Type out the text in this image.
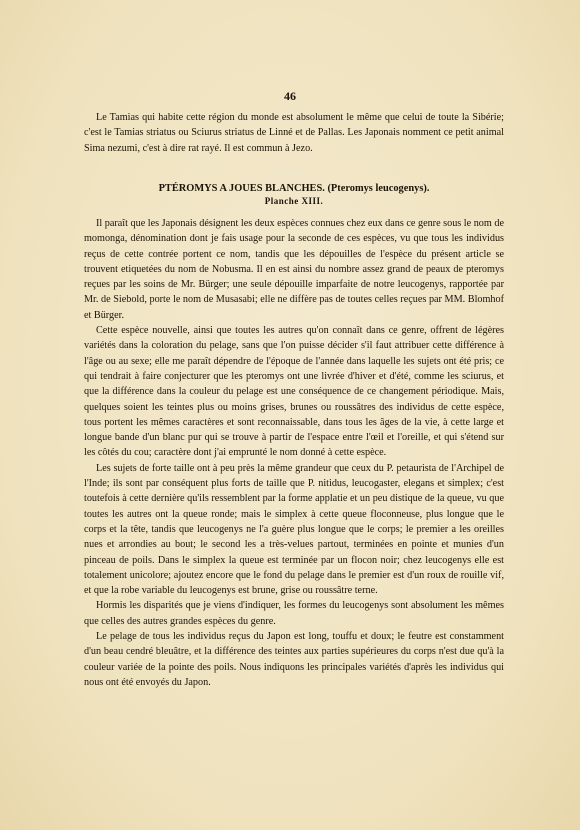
46

Le Tamias qui habite cette région du monde est absolument le même que celui de toute la Sibérie; c'est le Tamias striatus ou Sciurus striatus de Linné et de Pallas. Les Japonais nomment ce petit animal Sima nezumi, c'est à dire rat rayé. Il est commun à Jezo.

PTÉROMYS A JOUES BLANCHES. (Pteromys leucogenys).
Planche XIII.

Il paraît que les Japonais désignent les deux espèces connues chez eux dans ce genre sous le nom de momonga, dénomination dont je fais usage pour la seconde de ces espèces, vu que tous les individus reçus de cette contrée portent ce nom, tandis que les dépouilles de l'espèce du présent article se trouvent etiquetées du nom de Nobusma. Il en est ainsi du nombre assez grand de peaux de pteromys reçues par les soins de Mr. Bürger; une seule dépouille imparfaite de notre leucogenys, rapportée par Mr. de Siebold, porte le nom de Musasabi; elle ne diffère pas de toutes celles reçues par MM. Blomhof et Bürger.

Cette espèce nouvelle, ainsi que toutes les autres qu'on connaît dans ce genre, offrent de légères variétés dans la coloration du pelage, sans que l'on puisse décider s'il faut attribuer cette différence à l'âge ou au sexe; elle me paraît dépendre de l'époque de l'année dans laquelle les sujets ont été pris; ce qui tendrait à faire conjecturer que les pteromys ont une livrée d'hiver et d'été, comme les sciurus, et que la différence dans la couleur du pelage est une conséquence de ce changement périodique. Mais, quelques soient les teintes plus ou moins grises, brunes ou roussâtres des individus de cette espèce, tous portent les mêmes caractères et sont reconnaissable, dans tous les âges de la vie, à cette large et longue bande d'un blanc pur qui se trouve à partir de l'espace entre l'œil et l'oreille, et qui s'étend sur les côtés du cou; caractère dont j'ai emprunté le nom donné à cette espèce.

Les sujets de forte taille ont à peu près la même grandeur que ceux du P. petaurista de l'Archipel de l'Inde; ils sont par conséquent plus forts de taille que P. nitidus, leucogaster, elegans et simplex; c'est toutefois à cette dernière qu'ils ressemblent par la forme applatie et un peu distique de la queue, vu que toutes les autres ont la queue ronde; mais le simplex à cette queue floconneuse, plus longue que le corps et la tête, tandis que leucogenys ne l'a guère plus longue que le corps; le premier a les oreilles nues et arrondies au bout; le second les a très-velues partout, terminées en pointe et munies d'un pinceau de poils. Dans le simplex la queue est terminée par un flocon noir; chez leucogenys elle est totalement unicolore; ajoutez encore que le fond du pelage dans le premier est d'un roux de rouille vif, et que la robe variable du leucogenys est brune, grise ou roussâtre terne.

Hormis les disparités que je viens d'indiquer, les formes du leucogenys sont absolument les mêmes que celles des autres grandes espèces du genre.

Le pelage de tous les individus reçus du Japon est long, touffu et doux; le feutre est constamment d'un beau cendré bleuâtre, et la différence des teintes aux parties supérieures du corps n'est due qu'à la couleur variée de la pointe des poils. Nous indiquons les principales variétés d'après les individus qui nous ont été envoyés du Japon.
